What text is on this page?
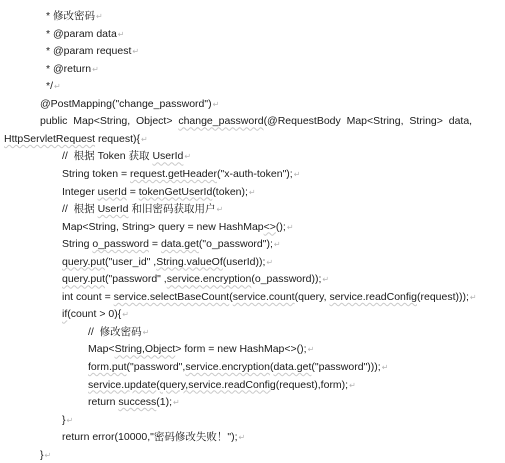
* 修改密码↵
* @param data↵
* @param request↵
* @return↵
*/↵
@PostMapping("change_password")↵
public  Map<String,  Object>  change_password(@RequestBody  Map<String,  String>  data,
HttpServletRequest request){↵
//  根据 Token 获取 UserId↵
String token = request.getHeader("x-auth-token");↵
Integer userId = tokenGetUserId(token);↵
//  根据 UserId 和旧密码获取用户↵
Map<String, String> query = new HashMap<>();↵
String o_password = data.get("o_password");↵
query.put("user_id" ,String.valueOf(userId));↵
query.put("password" ,service.encryption(o_password));↵
int count = service.selectBaseCount(service.count(query, service.readConfig(request)));↵
if(count > 0){↵
//  修改密码↵
Map<String,Object> form = new HashMap<>();↵
form.put("password",service.encryption(data.get("password")));↵
service.update(query,service.readConfig(request),form);↵
return success(1);↵
}↵
return error(10000,"密码修改失败！");↵
}↵
